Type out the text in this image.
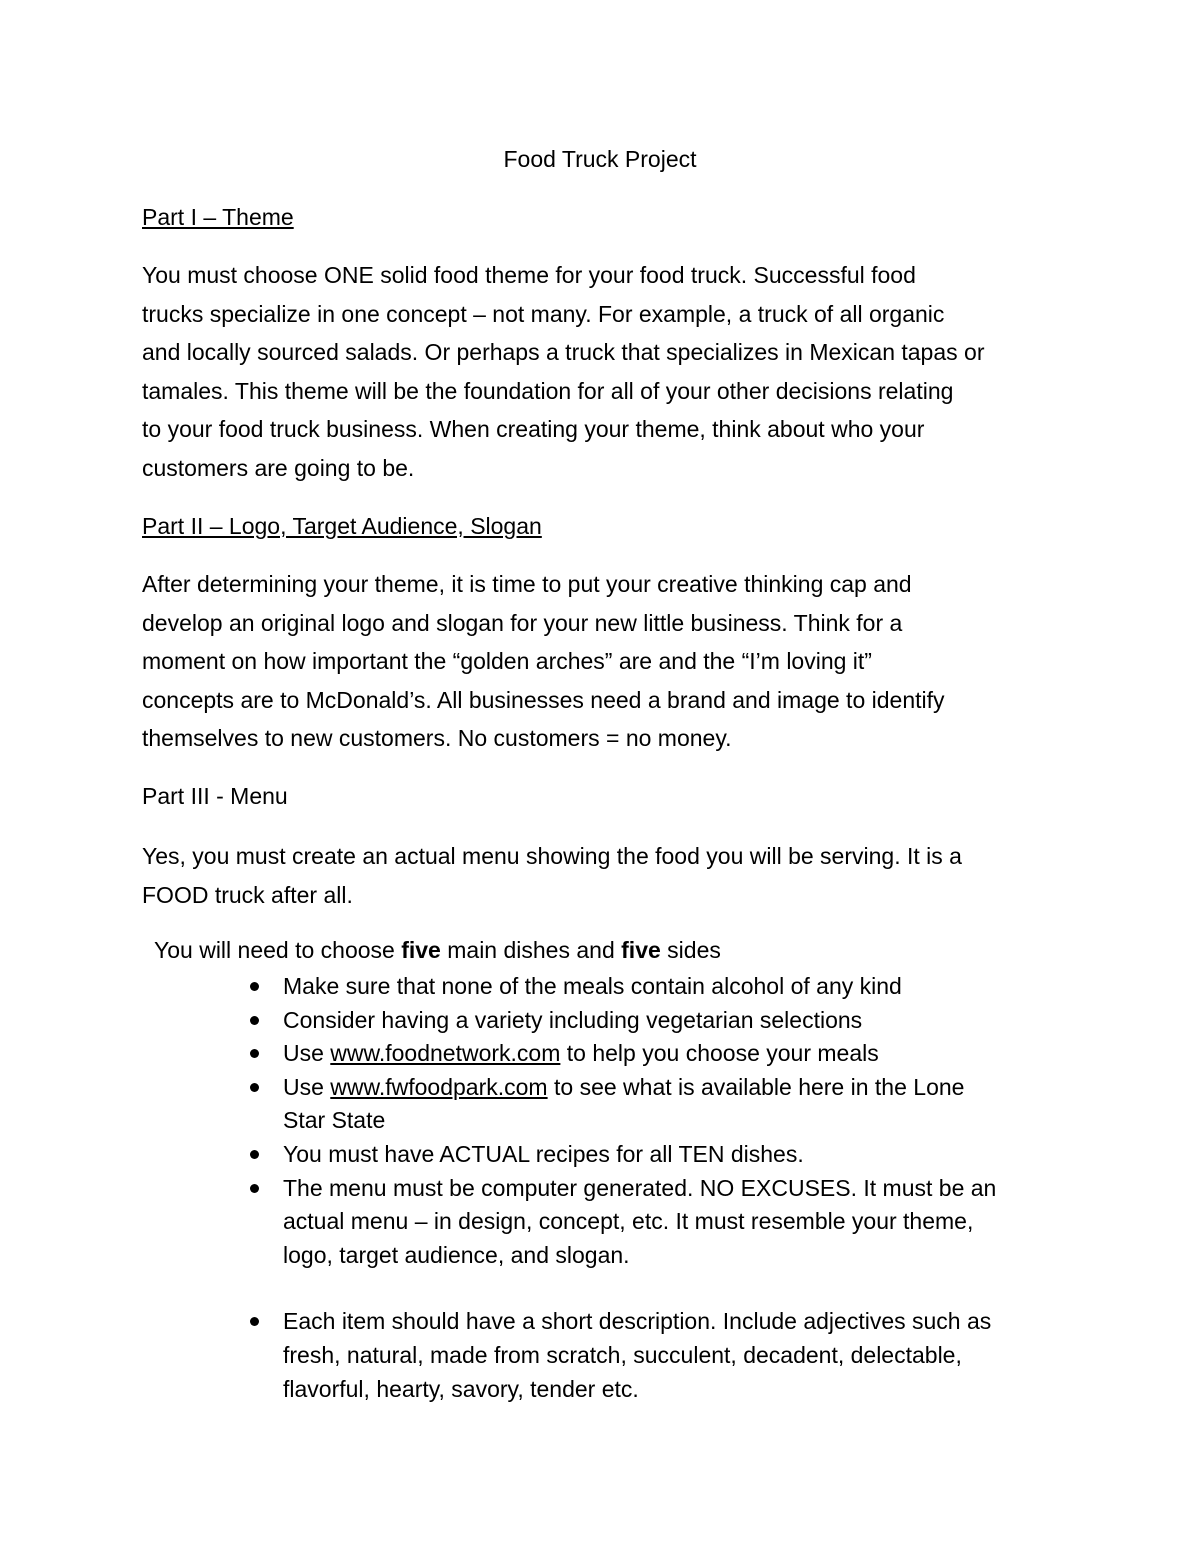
Food Truck Project
Part I – Theme

You must choose ONE solid food theme for your food truck. Successful food
trucks specialize in one concept – not many. For example, a truck of all organic
and locally sourced salads. Or perhaps a truck that specializes in Mexican tapas or
tamales. This theme will be the foundation for all of your other decisions relating
to your food truck business. When creating your theme, think about who your
customers are going to be.

Part II – Logo, Target Audience, Slogan

After determining your theme, it is time to put your creative thinking cap and
develop an original logo and slogan for your new little business. Think for a
moment on how important the “golden arches” are and the “I’m loving it”
concepts are to McDonald’s. All businesses need a brand and image to identify
themselves to new customers. No customers = no money.

Part III - Menu

Yes, you must create an actual menu showing the food you will be serving. It is a
FOOD truck after all.

You will need to choose five main dishes and five sides

Make sure that none of the meals contain alcohol of any kind
Consider having a variety including vegetarian selections
Use www.foodnetwork.com to help you choose your meals
Use www.fwfoodpark.com to see what is available here in the Lone
Star State
You must have ACTUAL recipes for all TEN dishes.
The menu must be computer generated. NO EXCUSES. It must be an
actual menu – in design, concept, etc. It must resemble your theme,
logo, target audience, and slogan.
Each item should have a short description. Include adjectives such as
fresh, natural, made from scratch, succulent, decadent, delectable,
flavorful, hearty, savory, tender etc.
